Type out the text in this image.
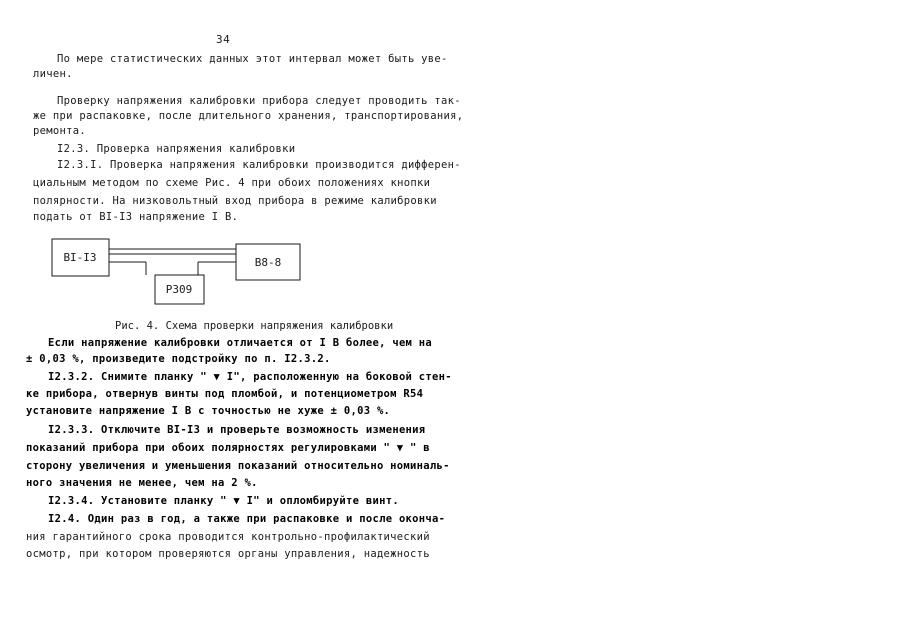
34
По мере статистических данных этот интервал может быть уве-
личен.
Проверку напряжения калибровки прибора следует проводить так-
же при распаковке, после длительного хранения, транспортирования,
ремонта.
I2.3. Проверка напряжения калибровки
I2.3.I. Проверка напряжения калибровки производится дифферен-
циальным методом по схеме Рис. 4 при обоих положениях кнопки
полярности. На низковольтный вход прибора в режиме калибровки
подать от BI-I3 напряжение I В.
BI-I3	В8-8
Р309
Рис. 4. Схема проверки напряжения калибровки
Если напряжение калибровки отличается от I В более, чем на
± 0,03 %, произведите подстройку по п. I2.3.2.
I2.3.2. Снимите планку " ▼ I", расположенную на боковой стен-
ке прибора, отвернув винты под пломбой, и потенциометром R54
установите напряжение I В с точностью не хуже ± 0,03 %.
I2.3.3. Отключите BI-I3 и проверьте возможность изменения
показаний прибора при обоих полярностях регулировками " ▼ " в
сторону увеличения и уменьшения показаний относительно номиналь-
ного значения не менее, чем на 2 %.
I2.3.4. Установите планку " ▼ I" и опломбируйте винт.
I2.4. Один раз в год, а также при распаковке и после оконча-
ния гарантийного срока проводится контрольно-профилактический
осмотр, при котором проверяются органы управления, надежность
